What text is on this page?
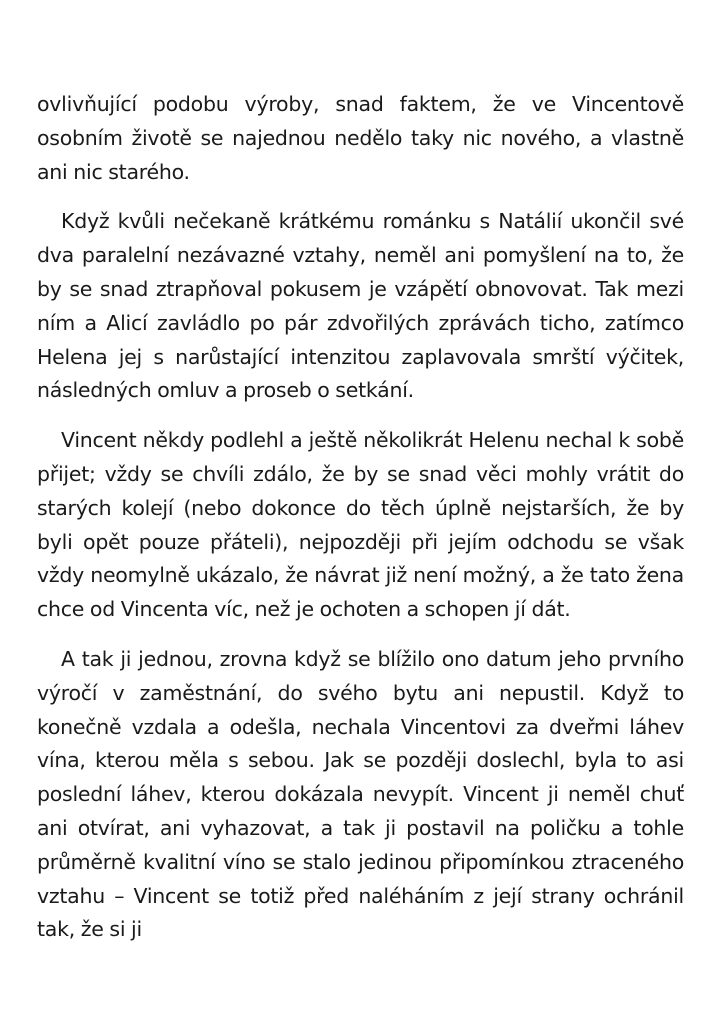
ovlivňující podobu výroby, snad faktem, že ve Vincentově osobním životě se najednou nedělo taky nic nového, a vlastně ani nic starého.

Když kvůli nečekaně krátkému románku s Natálií ukončil své dva paralelní nezávazné vztahy, neměl ani pomyšlení na to, že by se snad ztrapňoval pokusem je vzápětí obnovovat. Tak mezi ním a Alicí zavládlo po pár zdvořilých zprávách ticho, zatímco Helena jej s narůstající intenzitou zaplavovala smrští výčitek, následných omluv a proseb o setkání.

Vincent někdy podlehl a ještě několikrát Helenu nechal k sobě přijet; vždy se chvíli zdálo, že by se snad věci mohly vrátit do starých kolejí (nebo dokonce do těch úplně nejstarších, že by byli opět pouze přáteli), nejpozději při jejím odchodu se však vždy neomylně ukázalo, že návrat již není možný, a že tato žena chce od Vincenta víc, než je ochoten a schopen jí dát.

A tak ji jednou, zrovna když se blížilo ono datum jeho prvního výročí v zaměstnání, do svého bytu ani nepustil. Když to konečně vzdala a odešla, nechala Vincentovi za dveřmi láhev vína, kterou měla s sebou. Jak se později doslechl, byla to asi poslední láhev, kterou dokázala nevypít. Vincent ji neměl chuť ani otvírat, ani vyhazovat, a tak ji postavil na poličku a tohle průměrně kvalitní víno se stalo jedinou připomínkou ztraceného vztahu – Vincent se totiž před naléháním z její strany ochránil tak, že si ji
